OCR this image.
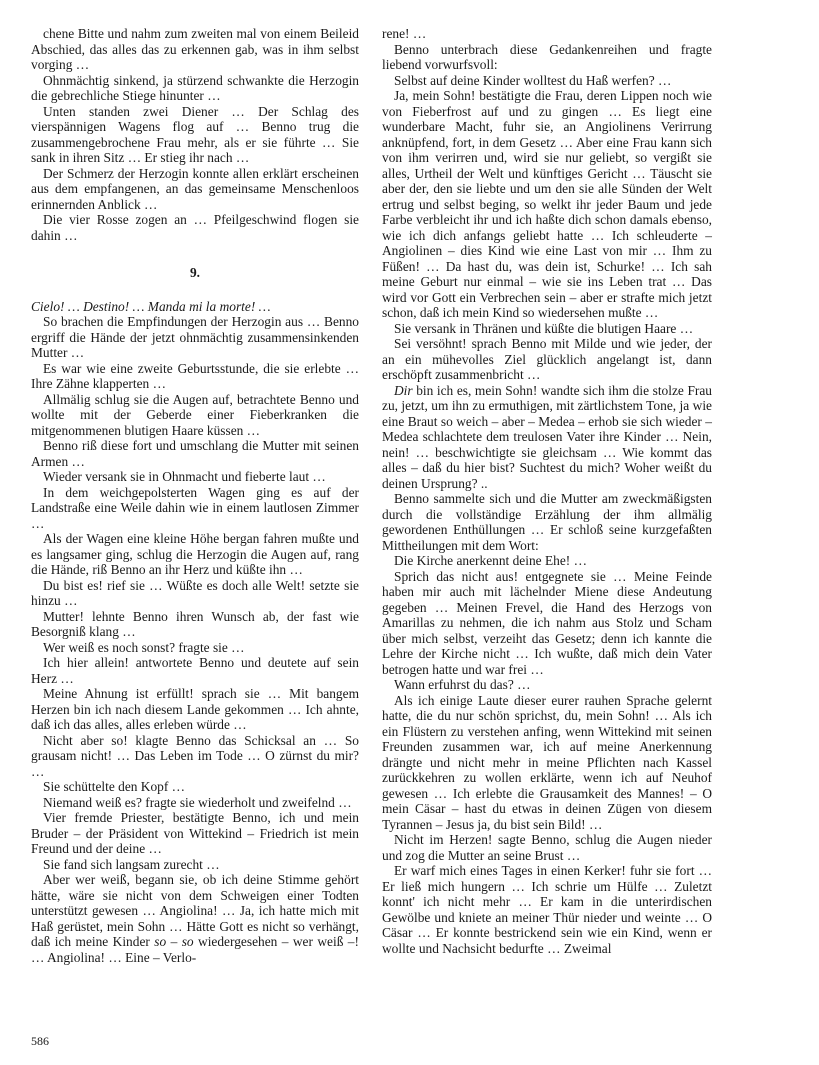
chene Bitte und nahm zum zweiten mal von einem Beileid Abschied, das alles das zu erkennen gab, was in ihm selbst vorging …

Ohnmächtig sinkend, ja stürzend schwankte die Herzogin die gebrechliche Stiege hinunter …

Unten standen zwei Diener … Der Schlag des vierspännigen Wagens flog auf … Benno trug die zusammengebrochene Frau mehr, als er sie führte … Sie sank in ihren Sitz … Er stieg ihr nach …

Der Schmerz der Herzogin konnte allen erklärt erscheinen aus dem empfangenen, an das gemeinsame Menschenloos erinnernden Anblick …

Die vier Rosse zogen an … Pfeilgeschwind flogen sie dahin …

9.

Cielo! … Destino! … Manda mi la morte! …

So brachen die Empfindungen der Herzogin aus … Benno ergriff die Hände der jetzt ohnmächtig zusammensinkenden Mutter …

Es war wie eine zweite Geburtsstunde, die sie erlebte … Ihre Zähne klapperten …

Allmälig schlug sie die Augen auf, betrachtete Benno und wollte mit der Geberde einer Fieberkranken die mitgenommenen blutigen Haare küssen …

Benno riß diese fort und umschlang die Mutter mit seinen Armen …

Wieder versank sie in Ohnmacht und fieberte laut …

In dem weichgepolsterten Wagen ging es auf der Landstraße eine Weile dahin wie in einem lautlosen Zimmer …

Als der Wagen eine kleine Höhe bergan fahren mußte und es langsamer ging, schlug die Herzogin die Augen auf, rang die Hände, riß Benno an ihr Herz und küßte ihn …

Du bist es! rief sie … Wüßte es doch alle Welt! setzte sie hinzu …

Mutter! lehnte Benno ihren Wunsch ab, der fast wie Besorgniß klang …

Wer weiß es noch sonst? fragte sie …

Ich hier allein! antwortete Benno und deutete auf sein Herz …

Meine Ahnung ist erfüllt! sprach sie … Mit bangem Herzen bin ich nach diesem Lande gekommen … Ich ahnte, daß ich das alles, alles erleben würde …

Nicht aber so! klagte Benno das Schicksal an … So grausam nicht! … Das Leben im Tode … O zürnst du mir? …

Sie schüttelte den Kopf …

Niemand weiß es? fragte sie wiederholt und zweifelnd …

Vier fremde Priester, bestätigte Benno, ich und mein Bruder – der Präsident von Wittekind – Friedrich ist mein Freund und der deine …

Sie fand sich langsam zurecht …

Aber wer weiß, begann sie, ob ich deine Stimme gehört hätte, wäre sie nicht von dem Schweigen einer Todten unterstützt gewesen … Angiolina! … Ja, ich hatte mich mit Haß gerüstet, mein Sohn … Hätte Gott es nicht so verhängt, daß ich meine Kinder so – so wiedergesehen – wer weiß –! … Angiolina! … Eine – Verlo-

rene! …

Benno unterbrach diese Gedankenreihen und fragte liebend vorwurfsvoll:

Selbst auf deine Kinder wolltest du Haß werfen? …

Ja, mein Sohn! bestätigte die Frau, deren Lippen noch wie von Fieberfrost auf und zu gingen … Es liegt eine wunderbare Macht, fuhr sie, an Angiolinens Verirrung anknüpfend, fort, in dem Gesetz … Aber eine Frau kann sich von ihm verirren und, wird sie nur geliebt, so vergißt sie alles, Urtheil der Welt und künftiges Gericht … Täuscht sie aber der, den sie liebte und um den sie alle Sünden der Welt ertrug und selbst beging, so welkt ihr jeder Baum und jede Farbe verbleicht ihr und ich haßte dich schon damals ebenso, wie ich dich anfangs geliebt hatte … Ich schleuderte – Angiolinen – dies Kind wie eine Last von mir … Ihm zu Füßen! … Da hast du, was dein ist, Schurke! … Ich sah meine Geburt nur einmal – wie sie ins Leben trat … Das wird vor Gott ein Verbrechen sein – aber er strafte mich jetzt schon, daß ich mein Kind so wiedersehen mußte …

Sie versank in Thränen und küßte die blutigen Haare …

Sei versöhnt! sprach Benno mit Milde und wie jeder, der an ein mühevolles Ziel glücklich angelangt ist, dann erschöpft zusammenbricht …

Dir bin ich es, mein Sohn! wandte sich ihm die stolze Frau zu, jetzt, um ihn zu ermuthigen, mit zärtlichstem Tone, ja wie eine Braut so weich – aber – Medea – erhob sie sich wieder – Medea schlachtete dem treulosen Vater ihre Kinder … Nein, nein! … beschwichtigte sie gleichsam … Wie kommt das alles – daß du hier bist? Suchtest du mich? Woher weißt du deinen Ursprung? ..

Benno sammelte sich und die Mutter am zweckmäßigsten durch die vollständige Erzählung der ihm allmälig gewordenen Enthüllungen … Er schloß seine kurzgefaßten Mittheilungen mit dem Wort:

Die Kirche anerkennt deine Ehe! …

Sprich das nicht aus! entgegnete sie … Meine Feinde haben mir auch mit lächelnder Miene diese Andeutung gegeben … Meinen Frevel, die Hand des Herzogs von Amarillas zu nehmen, die ich nahm aus Stolz und Scham über mich selbst, verzeiht das Gesetz; denn ich kannte die Lehre der Kirche nicht … Ich wußte, daß mich dein Vater betrogen hatte und war frei …

Wann erfuhrst du das? …

Als ich einige Laute dieser eurer rauhen Sprache gelernt hatte, die du nur schön sprichst, du, mein Sohn! … Als ich ein Flüstern zu verstehen anfing, wenn Wittekind mit seinen Freunden zusammen war, ich auf meine Anerkennung drängte und nicht mehr in meine Pflichten nach Kassel zurückkehren zu wollen erklärte, wenn ich auf Neuhof gewesen … Ich erlebte die Grausamkeit des Mannes! – O mein Cäsar – hast du etwas in deinen Zügen von diesem Tyrannen – Jesus ja, du bist sein Bild! …

Nicht im Herzen! sagte Benno, schlug die Augen nieder und zog die Mutter an seine Brust …

Er warf mich eines Tages in einen Kerker! fuhr sie fort … Er ließ mich hungern … Ich schrie um Hülfe … Zuletzt konnt' ich nicht mehr … Er kam in die unterirdischen Gewölbe und kniete an meiner Thür nieder und weinte … O Cäsar … Er konnte bestrickend sein wie ein Kind, wenn er wollte und Nachsicht bedurfte … Zweimal

586
